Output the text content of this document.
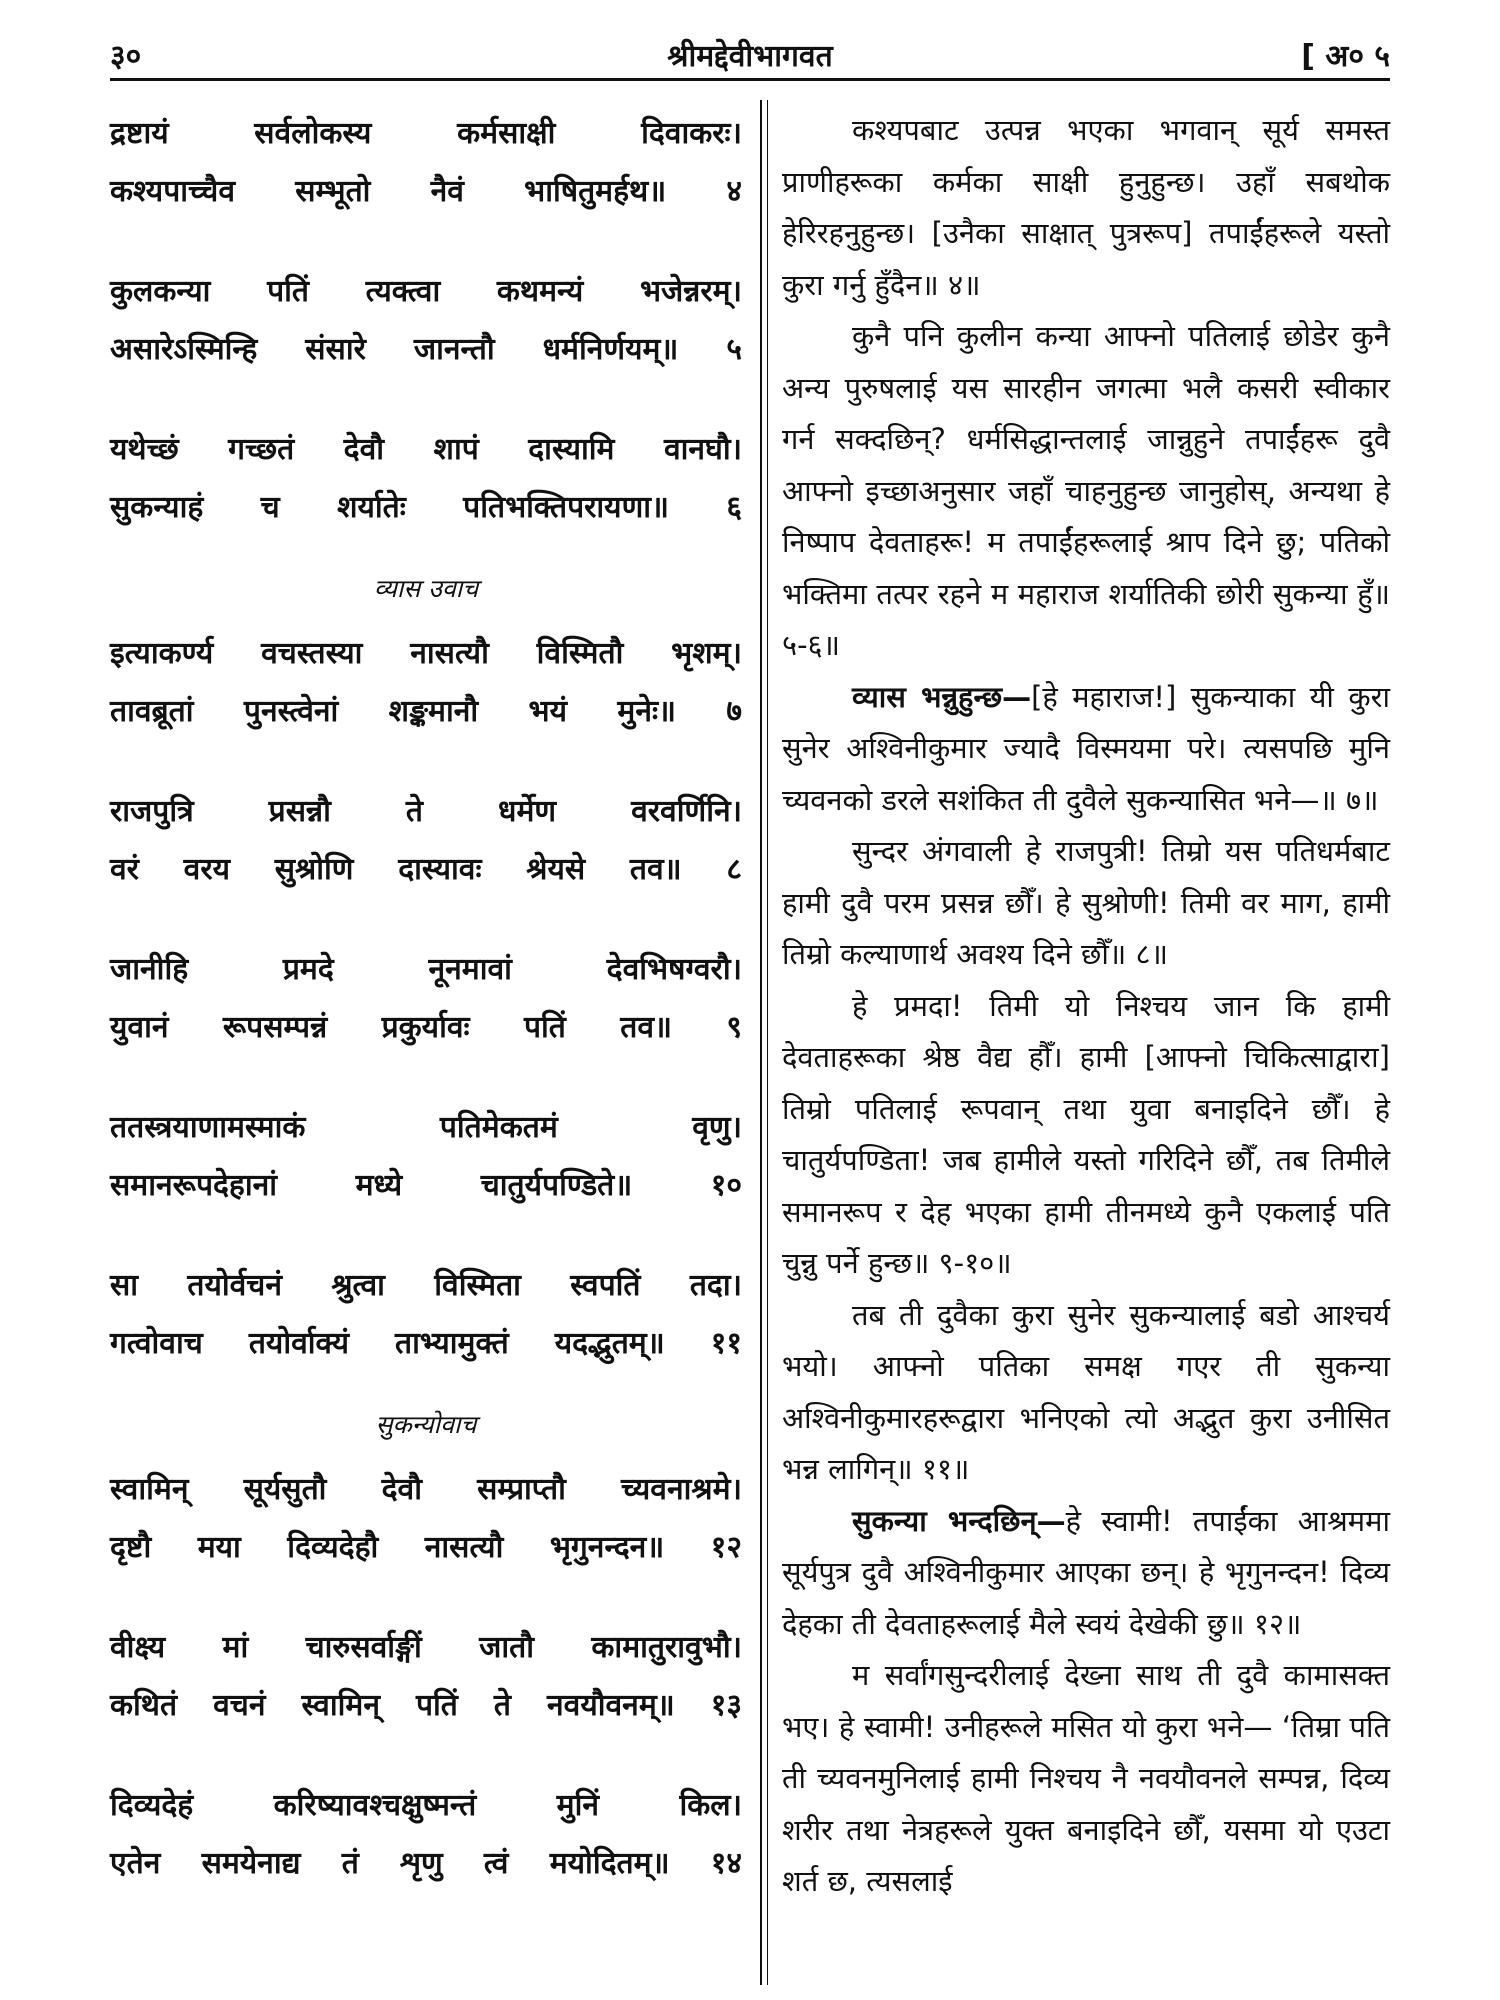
३०	श्रीमद्देवीभागवत	[ अ० ५
द्रष्टायं	सर्वलोकस्य	कर्मसाक्षी	दिवाकरः।
कश्यपाच्चैव सम्भूतो नैवं भाषितुमर्हथ॥ ४
कुलकन्या पतिं त्यक्त्वा कथमन्यं भजेन्नरम्।
असारेऽस्मिन्हि संसारे जानन्तौ धर्मनिर्णयम्॥ ५
यथेच्छं गच्छतं देवौ शापं दास्यामि वानघौ।
सुकन्याहं च शर्यातेः पतिभक्तिपरायणा॥ ६
व्यास उवाच
इत्याकर्ण्य वचस्तस्या नासत्यौ विस्मितौ भृशम्।
तावब्रूतां पुनस्त्वेनां शङ्कमानौ भयं मुनेः॥ ७
राजपुत्रि	प्रसन्नौ	ते	धर्मेण	वरवर्णिनि।
वरं वरय सुश्रोणि दास्यावः श्रेयसे तव॥ ८
जानीहि	प्रमदे	नूनमावां	देवभिषग्वरौ।
युवानं रूपसम्पन्नं प्रकुर्यावः पतिं तव॥ ९
ततस्त्रयाणामस्माकं	पतिमेकतमं	वृणु।
समानरूपदेहानां	मध्ये	चातुर्यपण्डिते॥	१०
सा तयोर्वचनं श्रुत्वा विस्मिता स्वपतिं तदा।
गत्वोवाच तयोर्वाक्यं ताभ्यामुक्तं यदद्भुतम्॥ ११
सुकन्योवाच
स्वामिन् सूर्यसुतौ देवौ सम्प्राप्तौ च्यवनाश्रमे।
दृष्टौ मया दिव्यदेहौ नासत्यौ भृगुनन्दन॥ १२
वीक्ष्य मां चारुसर्वाङ्गीं जातौ कामातुरावुभौ।
कथितं वचनं स्वामिन् पतिं ते नवयौवनम्॥ १३
दिव्यदेहं	करिष्यावश्चक्षुष्मन्तं	मुनिं	किल।
एतेन समयेनाद्य तं शृणु त्वं मयोदितम्॥ १४

कश्यपबाट उत्पन्न भएका भगवान् सूर्य समस्त प्राणीहरूका कर्मका साक्षी हुनुहुन्छ। उहाँ सबथोक हेरिरहनुहुन्छ। [उनैका साक्षात् पुत्ररूप] तपाईंहरूले यस्तो कुरा गर्नु हुँदैन॥ ४॥

कुनै पनि कुलीन कन्या आफ्नो पतिलाई छोडेर कुनै अन्य पुरुषलाई यस सारहीन जगत्मा भलै कसरी स्वीकार गर्न सक्दछिन्? धर्मसिद्धान्तलाई जान्नुहुने तपाईंहरू दुवै आफ्नो इच्छाअनुसार जहाँ चाहनुहुन्छ जानुहोस्, अन्यथा हे निष्पाप देवताहरू! म तपाईंहरूलाई श्राप दिने छु; पतिको भक्तिमा तत्पर रहने म महाराज शर्यातिकी छोरी सुकन्या हुँ॥ ५-६॥

व्यास भन्नुहुन्छ—[हे महाराज!] सुकन्याका यी कुरा सुनेर अश्विनीकुमार ज्यादै विस्मयमा परे। त्यसपछि मुनि च्यवनको डरले सशंकित ती दुवैले सुकन्यासित भने—॥ ७॥

सुन्दर अंगवाली हे राजपुत्री! तिम्रो यस पतिधर्मबाट हामी दुवै परम प्रसन्न छौँ। हे सुश्रोणी! तिमी वर माग, हामी तिम्रो कल्याणार्थ अवश्य दिने छौँ॥ ८॥

हे प्रमदा! तिमी यो निश्चय जान कि हामी देवताहरूका श्रेष्ठ वैद्य हौँ। हामी [आफ्नो चिकित्साद्वारा] तिम्रो पतिलाई रूपवान् तथा युवा बनाइदिने छौँ। हे चातुर्यपण्डिता! जब हामीले यस्तो गरिदिने छौँ, तब तिमीले समानरूप र देह भएका हामी तीनमध्ये कुनै एकलाई पति चुन्नु पर्ने हुन्छ॥ ९-१०॥

तब ती दुवैका कुरा सुनेर सुकन्यालाई बडो आश्चर्य भयो। आफ्नो पतिका समक्ष गएर ती सुकन्या अश्विनीकुमारहरूद्वारा भनिएको त्यो अद्भुत कुरा उनीसित भन्न लागिन्॥ ११॥

सुकन्या भन्दछिन्—हे स्वामी! तपाईंका आश्रममा सूर्यपुत्र दुवै अश्विनीकुमार आएका छन्। हे भृगुनन्दन! दिव्य देहका ती देवताहरूलाई मैले स्वयं देखेकी छु॥ १२॥

म सर्वांगसुन्दरीलाई देख्ना साथ ती दुवै कामासक्त भए। हे स्वामी! उनीहरूले मसित यो कुरा भने— ‘तिम्रा पति ती च्यवनमुनिलाई हामी निश्चय नै नवयौवनले सम्पन्न, दिव्य शरीर तथा नेत्रहरूले युक्त बनाइदिने छौँ, यसमा यो एउटा शर्त छ, त्यसलाई
